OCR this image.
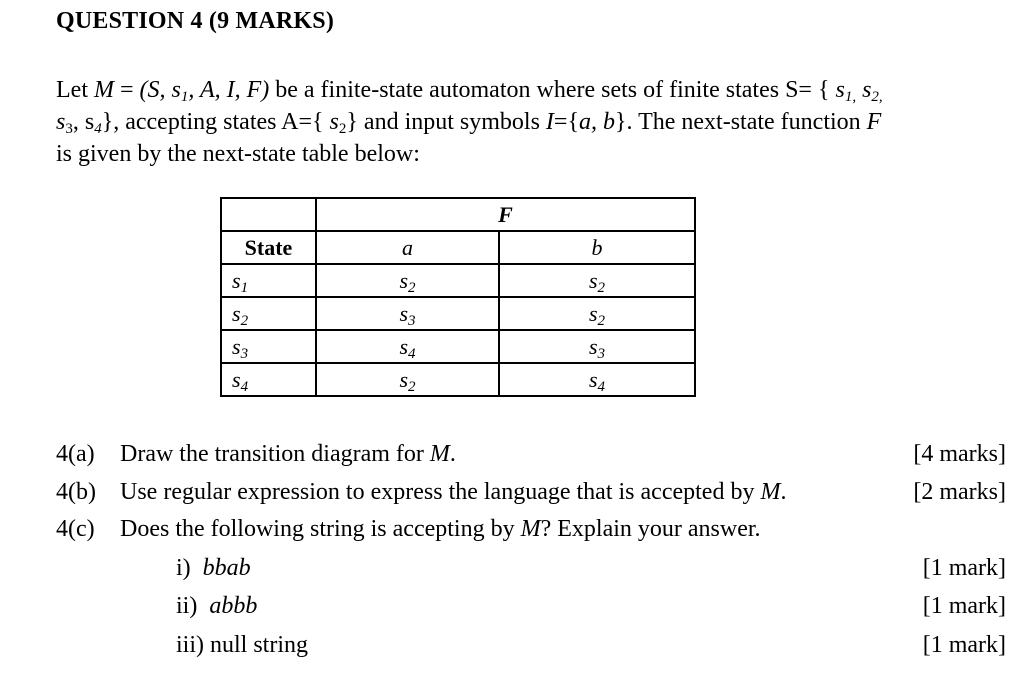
QUESTION 4 (9 MARKS)
Let M = (S, $s_1$, A, I, F) be a finite-state automaton where sets of finite states S= { $s_{1,}$ $s_{2,}$
$s_3$, $s_4$}, accepting states A={ $s_2$} and input symbols I={a, b}. The next-state function F
is given by the next-state table below:
	F	
State	a	b
$s_1$	$s_2$	$s_2$
$s_2$	$s_3$	$s_2$
$s_3$	$s_4$	$s_3$
$s_4$	$s_2$	$s_4$
4(a) Draw the transition diagram for M.	[4 marks]
4(b) Use regular expression to express the language that is accepted by M.	[2 marks]
4(c) Does the following string is accepting by M? Explain your answer.
i) bbab	[1 mark]
ii) abbb	[1 mark]
iii) null string	[1 mark]
